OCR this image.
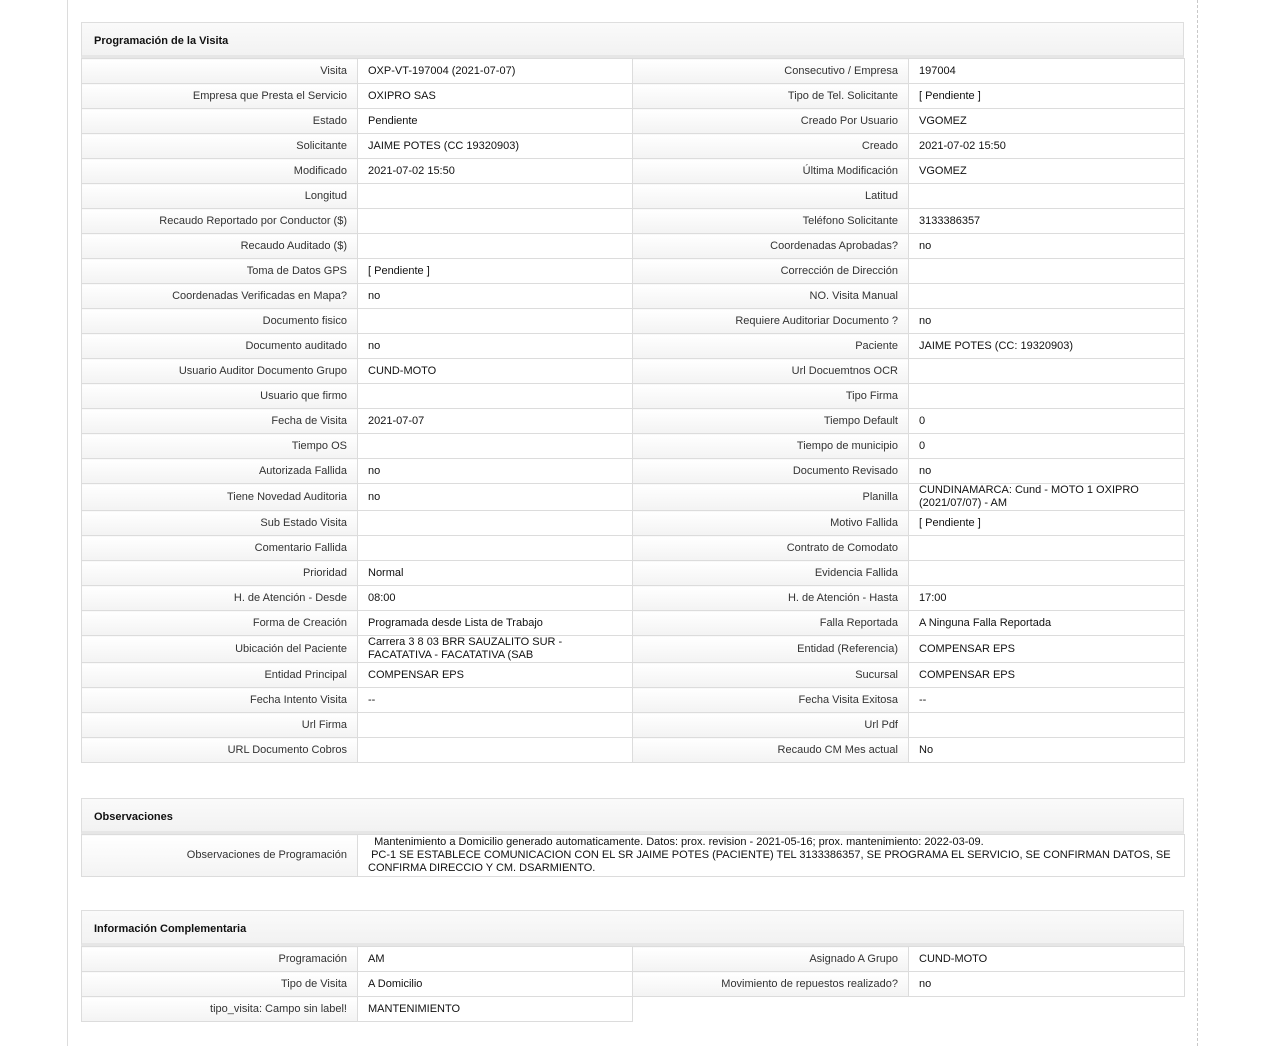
Programación de la Visita
Visita	OXP-VT-197004 (2021-07-07)	Consecutivo / Empresa	197004
Empresa que Presta el Servicio	OXIPRO SAS	Tipo de Tel. Solicitante	[ Pendiente ]
Estado	Pendiente	Creado Por Usuario	VGOMEZ
Solicitante	JAIME POTES (CC 19320903)	Creado	2021-07-02 15:50
Modificado	2021-07-02 15:50	Última Modificación	VGOMEZ
Longitud		Latitud	
Recaudo Reportado por Conductor ($)		Teléfono Solicitante	3133386357
Recaudo Auditado ($)		Coordenadas Aprobadas?	no
Toma de Datos GPS	[ Pendiente ]	Corrección de Dirección	
Coordenadas Verificadas en Mapa?	no	NO. Visita Manual	
Documento fisico		Requiere Auditoriar Documento ?	no
Documento auditado	no	Paciente	JAIME POTES (CC: 19320903)
Usuario Auditor Documento Grupo	CUND-MOTO	Url Docuemtnos OCR	
Usuario que firmo		Tipo Firma	
Fecha de Visita	2021-07-07	Tiempo Default	0
Tiempo OS		Tiempo de municipio	0
Autorizada Fallida	no	Documento Revisado	no
Tiene Novedad Auditoria	no	Planilla	CUNDINAMARCA: Cund - MOTO 1 OXIPRO (2021/07/07) - AM
Sub Estado Visita		Motivo Fallida	[ Pendiente ]
Comentario Fallida		Contrato de Comodato	
Prioridad	Normal	Evidencia Fallida	
H. de Atención - Desde	08:00	H. de Atención - Hasta	17:00
Forma de Creación	Programada desde Lista de Trabajo	Falla Reportada	A Ninguna Falla Reportada
Ubicación del Paciente	Carrera 3 8 03 BRR SAUZALITO SUR - FACATATIVA - FACATATIVA (SAB	Entidad (Referencia)	COMPENSAR EPS
Entidad Principal	COMPENSAR EPS	Sucursal	COMPENSAR EPS
Fecha Intento Visita	--	Fecha Visita Exitosa	--
Url Firma		Url Pdf	
URL Documento Cobros		Recaudo CM Mes actual	No
Observaciones
Observaciones de Programación	Mantenimiento a Domicilio generado automaticamente. Datos: prox. revision - 2021-05-16; prox. mantenimiento: 2022-03-09.
PC-1 SE ESTABLECE COMUNICACION CON EL SR JAIME POTES (PACIENTE) TEL 3133386357, SE PROGRAMA EL SERVICIO, SE CONFIRMAN DATOS, SE CONFIRMA DIRECCIO Y CM. DSARMIENTO.
Información Complementaria
Programación	AM	Asignado A Grupo	CUND-MOTO
Tipo de Visita	A Domicilio	Movimiento de repuestos realizado?	no
tipo_visita: Campo sin label!	MANTENIMIENTO		
